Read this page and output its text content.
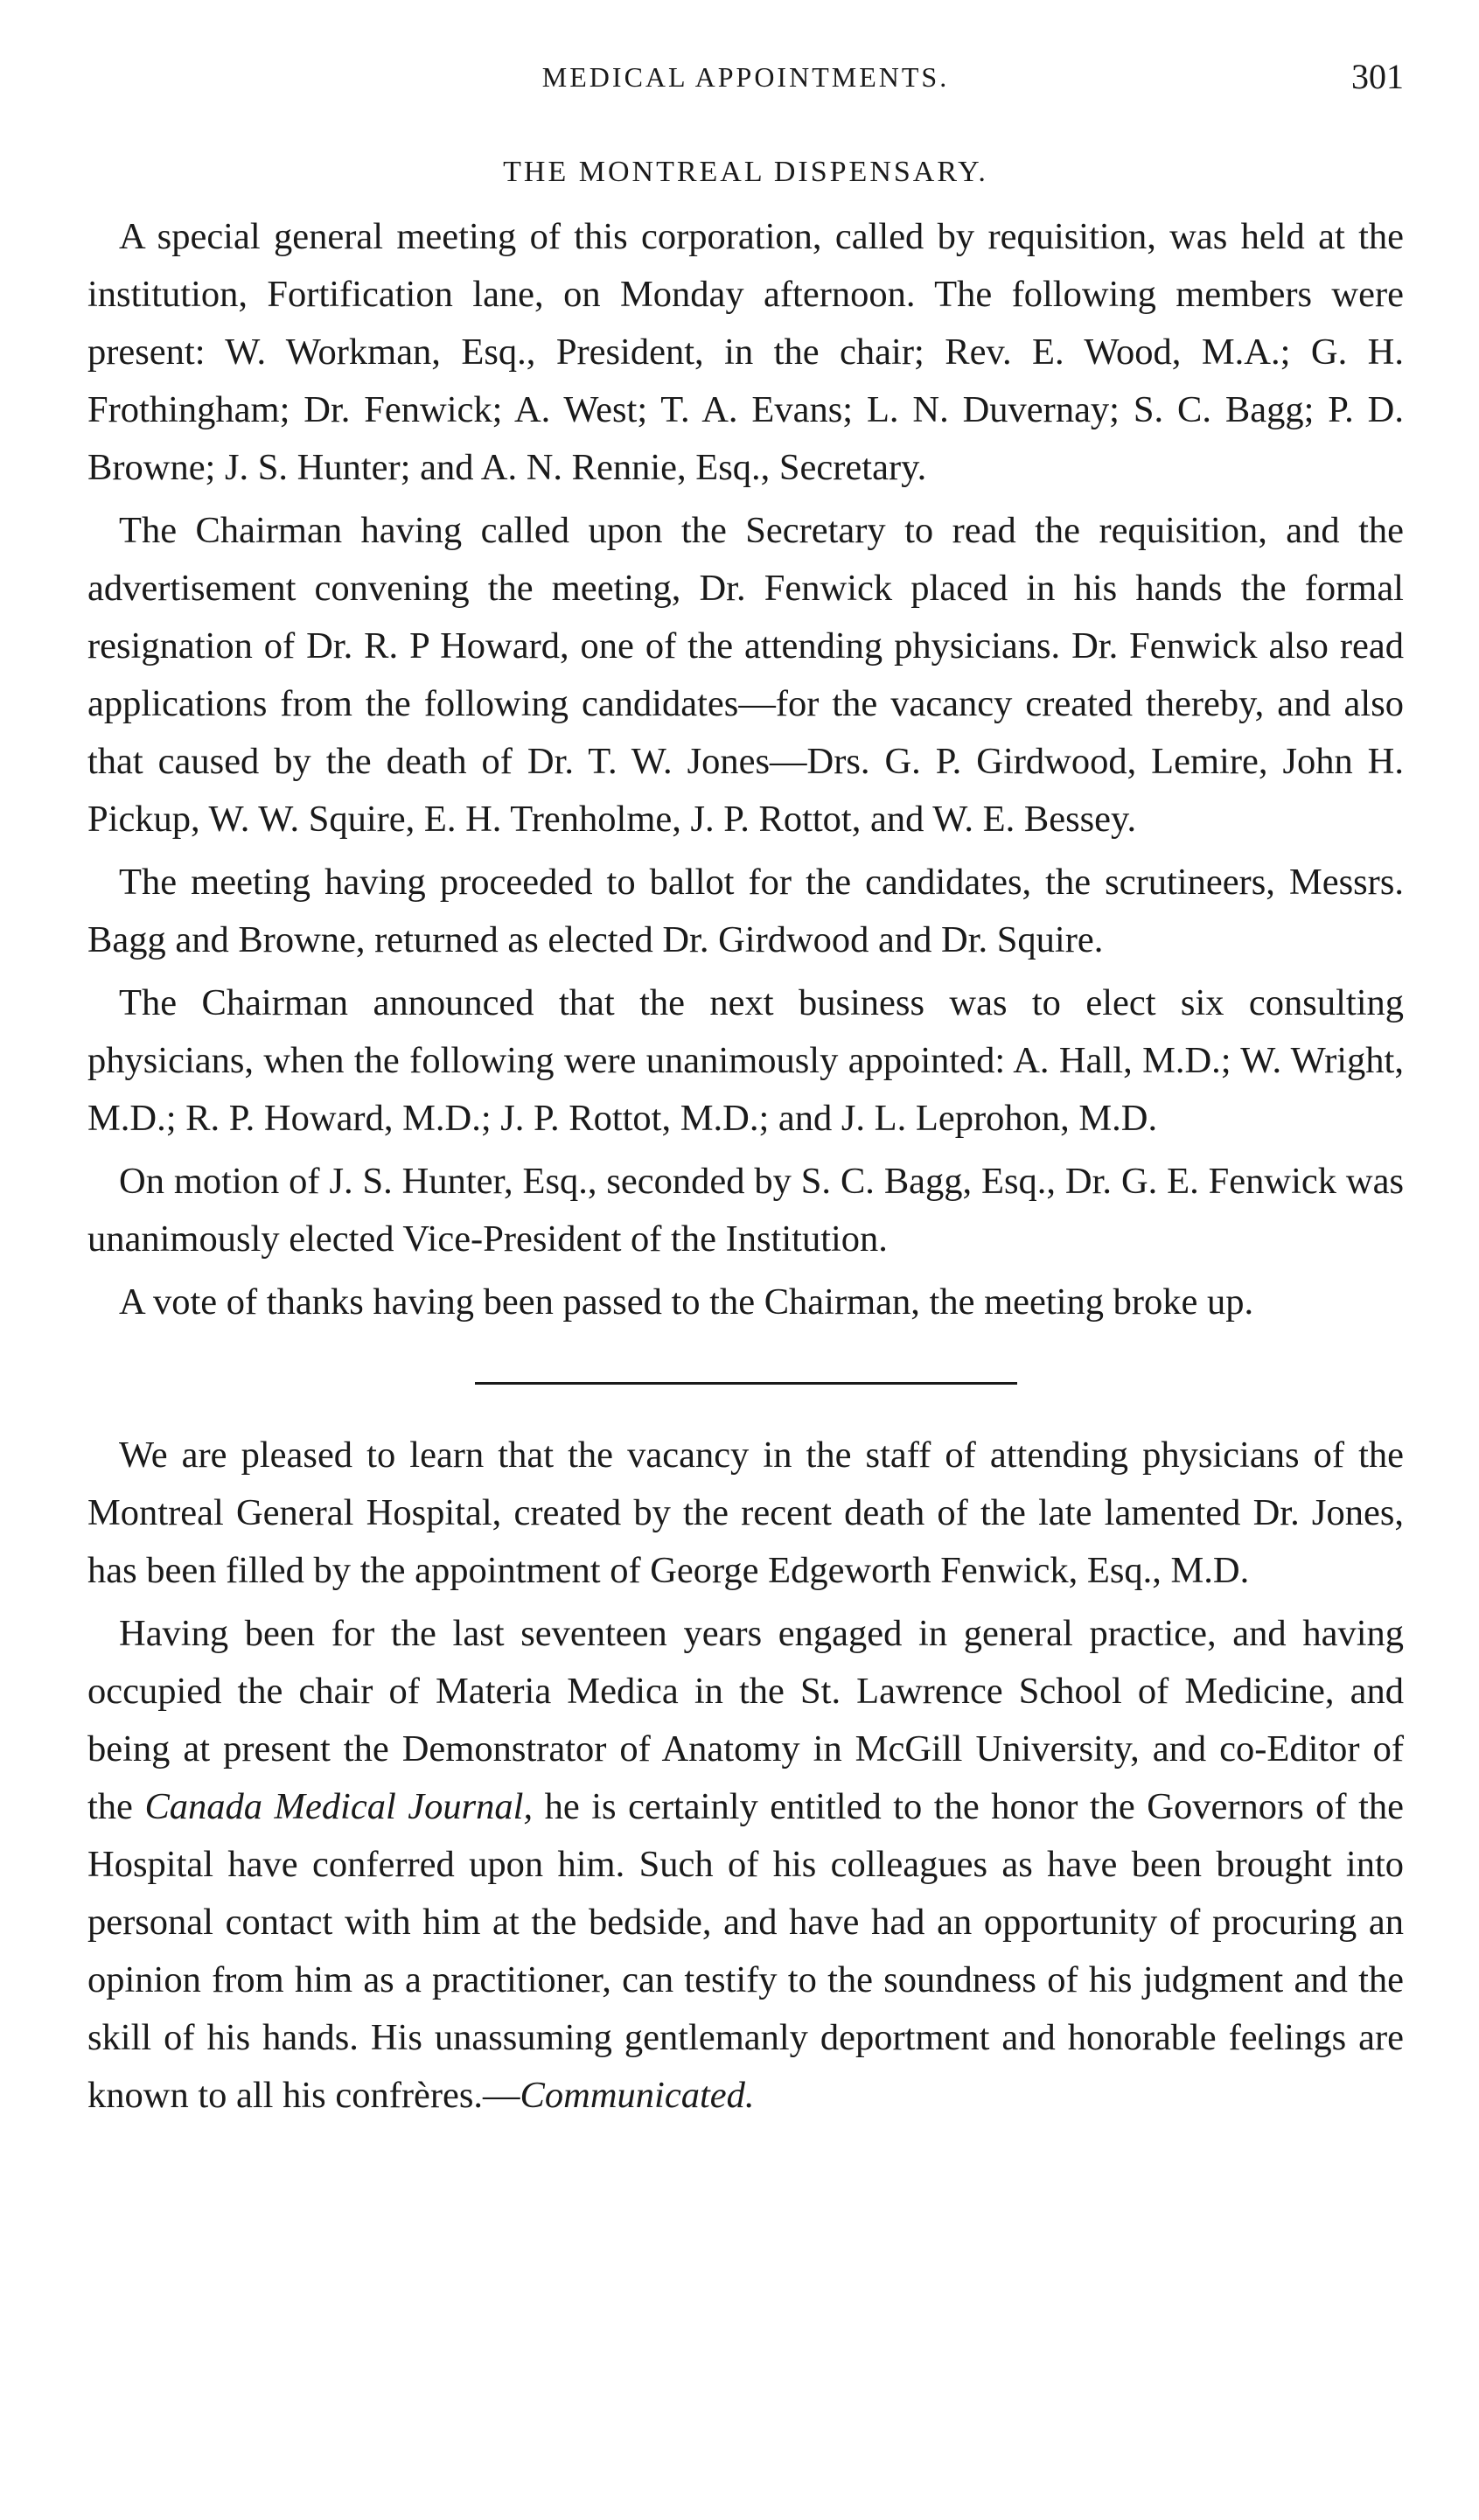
MEDICAL APPOINTMENTS.	301
THE MONTREAL DISPENSARY.

A special general meeting of this corporation, called by requisition, was held at the institution, Fortification lane, on Monday afternoon. The following members were present: W. Workman, Esq., President, in the chair; Rev. E. Wood, M.A.; G. H. Frothingham; Dr. Fenwick; A. West; T. A. Evans; L. N. Duvernay; S. C. Bagg; P. D. Browne; J. S. Hunter; and A. N. Rennie, Esq., Secretary.

The Chairman having called upon the Secretary to read the requisition, and the advertisement convening the meeting, Dr. Fenwick placed in his hands the formal resignation of Dr. R. P Howard, one of the attending physicians. Dr. Fenwick also read applications from the following candidates—for the vacancy created thereby, and also that caused by the death of Dr. T. W. Jones—Drs. G. P. Girdwood, Lemire, John H. Pickup, W. W. Squire, E. H. Trenholme, J. P. Rottot, and W. E. Bessey.

The meeting having proceeded to ballot for the candidates, the scrutineers, Messrs. Bagg and Browne, returned as elected Dr. Girdwood and Dr. Squire.

The Chairman announced that the next business was to elect six consulting physicians, when the following were unanimously appointed: A. Hall, M.D.; W. Wright, M.D.; R. P. Howard, M.D.; J. P. Rottot, M.D.; and J. L. Leprohon, M.D.

On motion of J. S. Hunter, Esq., seconded by S. C. Bagg, Esq., Dr. G. E. Fenwick was unanimously elected Vice-President of the Institution.

A vote of thanks having been passed to the Chairman, the meeting broke up.

We are pleased to learn that the vacancy in the staff of attending physicians of the Montreal General Hospital, created by the recent death of the late lamented Dr. Jones, has been filled by the appointment of George Edgeworth Fenwick, Esq., M.D.

Having been for the last seventeen years engaged in general practice, and having occupied the chair of Materia Medica in the St. Lawrence School of Medicine, and being at present the Demonstrator of Anatomy in McGill University, and co-Editor of the Canada Medical Journal, he is certainly entitled to the honor the Governors of the Hospital have conferred upon him. Such of his colleagues as have been brought into personal contact with him at the bedside, and have had an opportunity of procuring an opinion from him as a practitioner, can testify to the soundness of his judgment and the skill of his hands. His unassuming gentlemanly deportment and honorable feelings are known to all his confrères.—Communicated.
